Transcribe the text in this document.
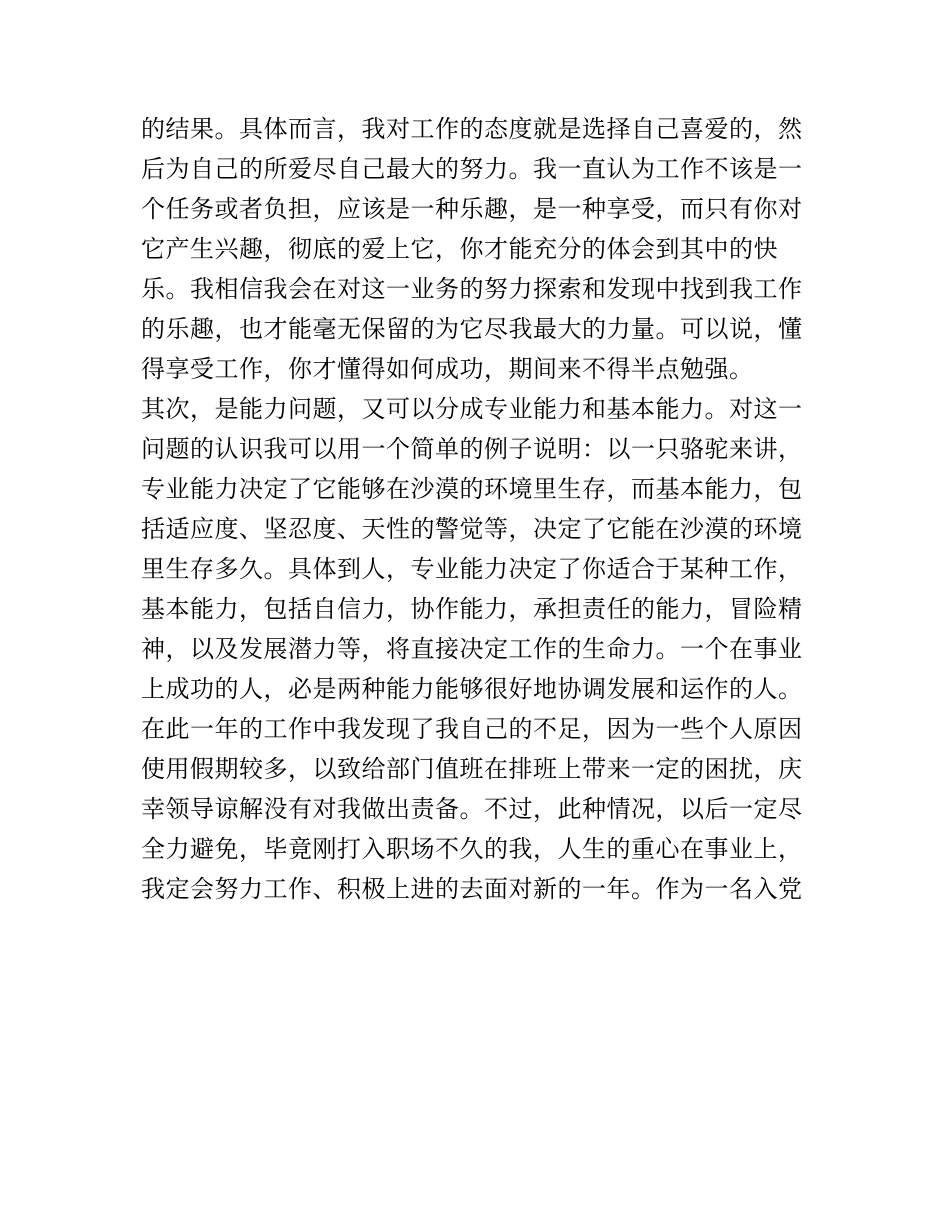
的结果。具体而言，我对工作的态度就是选择自己喜爱的，然
后为自己的所爱尽自己最大的努力。我一直认为工作不该是一
个任务或者负担，应该是一种乐趣，是一种享受，而只有你对
它产生兴趣，彻底的爱上它，你才能充分的体会到其中的快
乐。我相信我会在对这一业务的努力探索和发现中找到我工作
的乐趣，也才能毫无保留的为它尽我最大的力量。可以说，懂
得享受工作，你才懂得如何成功，期间来不得半点勉强。
其次，是能力问题，又可以分成专业能力和基本能力。对这一
问题的认识我可以用一个简单的例子说明：以一只骆驼来讲，
专业能力决定了它能够在沙漠的环境里生存，而基本能力，包
括适应度、坚忍度、天性的警觉等，决定了它能在沙漠的环境
里生存多久。具体到人，专业能力决定了你适合于某种工作，
基本能力，包括自信力，协作能力，承担责任的能力，冒险精
神，以及发展潜力等，将直接决定工作的生命力。一个在事业
上成功的人，必是两种能力能够很好地协调发展和运作的人。
在此一年的工作中我发现了我自己的不足，因为一些个人原因
使用假期较多，以致给部门值班在排班上带来一定的困扰，庆
幸领导谅解没有对我做出责备。不过，此种情况，以后一定尽
全力避免，毕竟刚打入职场不久的我，人生的重心在事业上，
我定会努力工作、积极上进的去面对新的一年。作为一名入党
